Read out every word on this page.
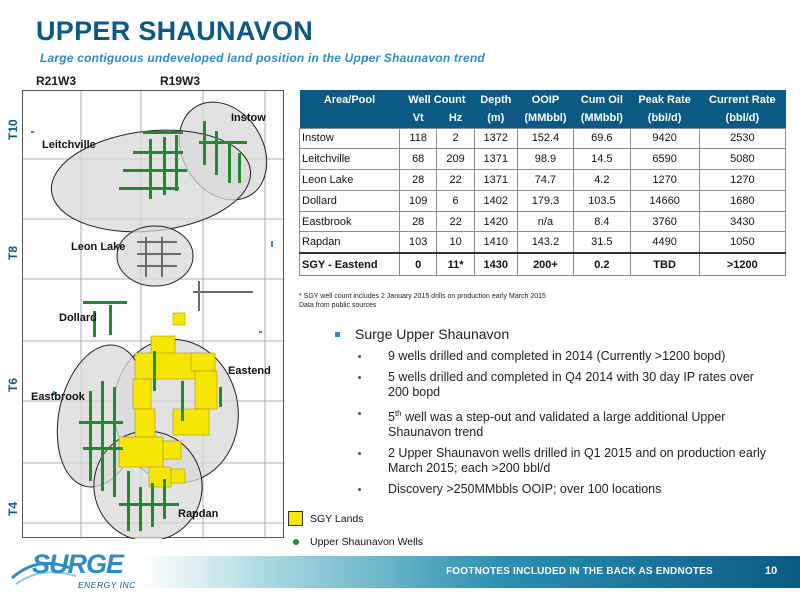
UPPER SHAUNAVON
Large contiguous undeveloped land position in the Upper Shaunavon trend
R21W3	R19W3
T10
T8
T6
T4
Instow
Leitchville
Leon Lake
Dollard
Eastend
Eastbrook
Rapdan
Area/Pool	Well Count		Depth	OOIP	Cum Oil	Peak Rate	Current Rate
	Vt	Hz	(m)	(MMbbl)	(MMbbl)	(bbl/d)	(bbl/d)
Instow	118	2	1372	152.4	69.6	9420	2530
Leitchville	68	209	1371	98.9	14.5	6590	5080
Leon Lake	28	22	1371	74.7	4.2	1270	1270
Dollard	109	6	1402	179.3	103.5	14660	1680
Eastbrook	28	22	1420	n/a	8.4	3760	3430
Rapdan	103	10	1410	143.2	31.5	4490	1050
SGY - Eastend	0	11*	1430	200+	0.2	TBD	>1200
* SGY well count includes 2 January 2015 drills on production early March 2015
Data from public sources
Surge Upper Shaunavon
9 wells drilled and completed in 2014 (Currently >1200 bopd)
5 wells drilled and completed in Q4 2014 with 30 day IP rates over 200 bopd
5th well was a step-out and validated a large additional Upper Shaunavon trend
2 Upper Shaunavon wells drilled in Q1 2015 and on production early March 2015; each >200 bbl/d
Discovery >250MMbbls OOIP; over 100 locations
SGY Lands
Upper Shaunavon Wells
FOOTNOTES INCLUDED IN THE BACK AS ENDNOTES	10
SURGE
ENERGY INC
